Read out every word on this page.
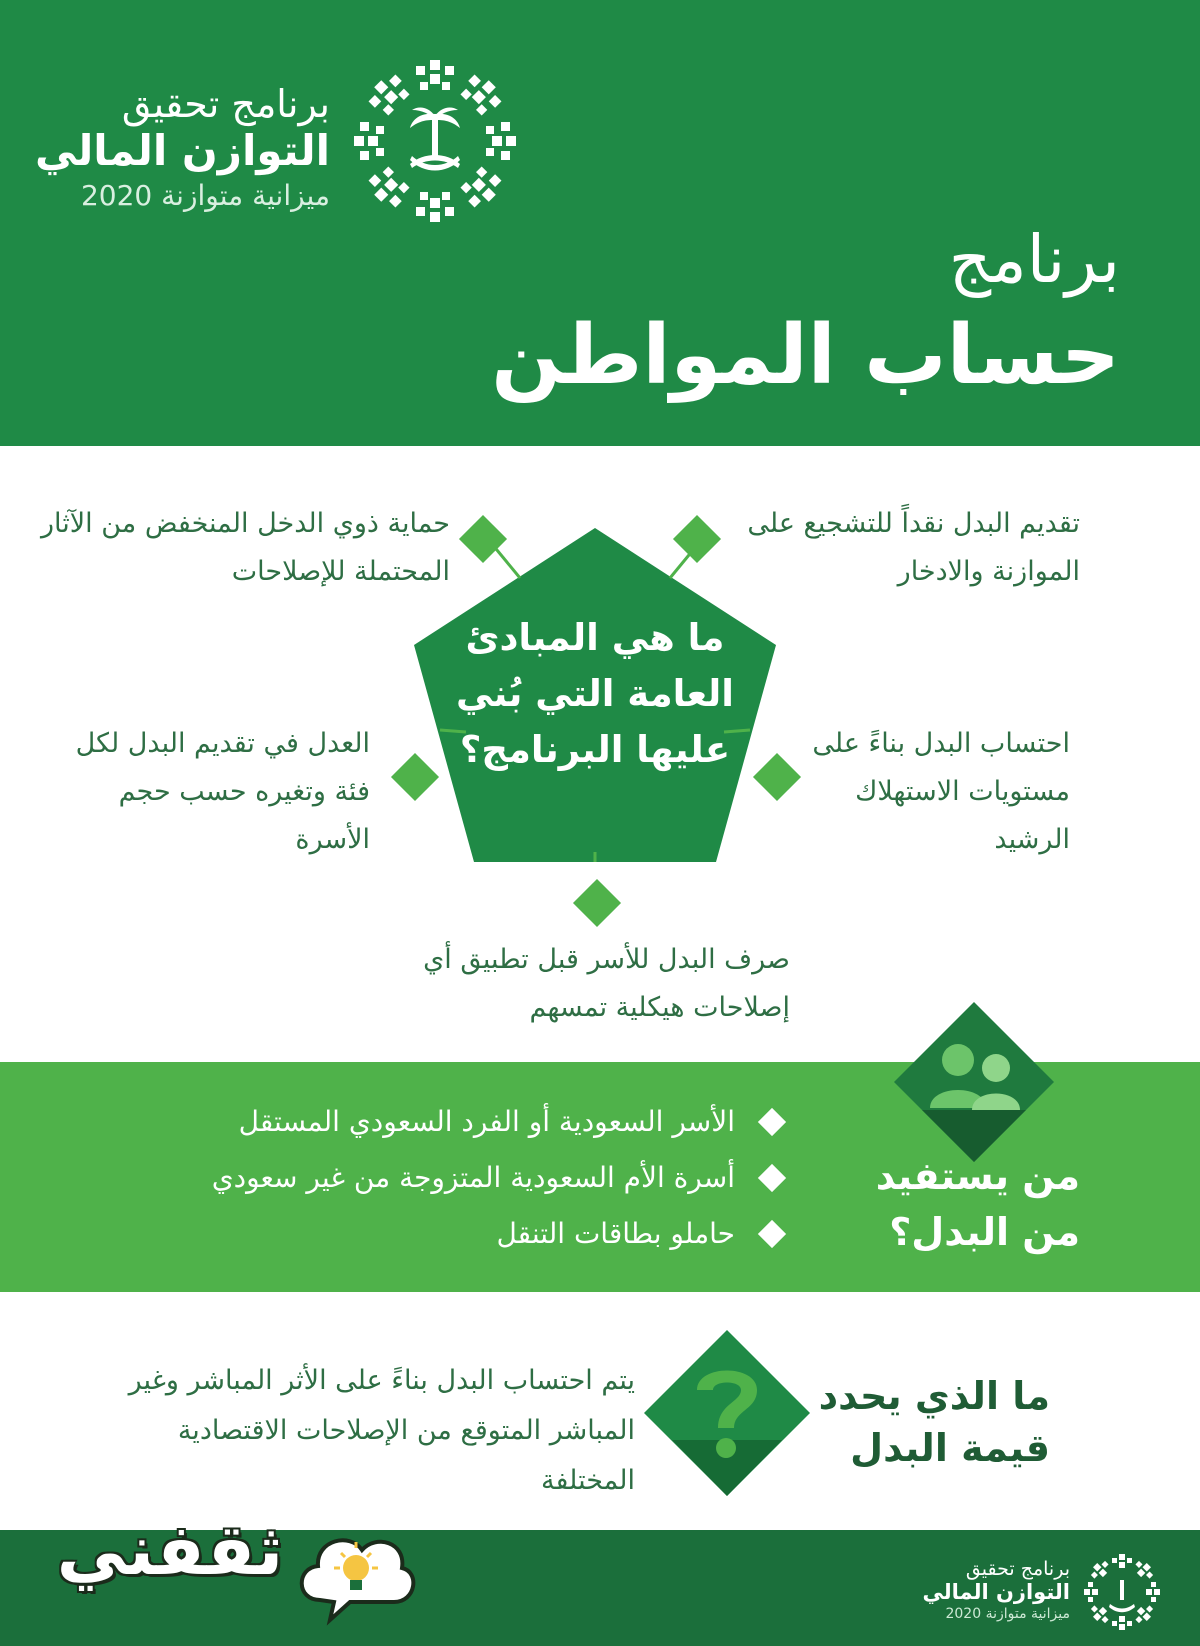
برنامج تحقيق
التوازن المالي
ميزانية متوازنة 2020
برنامج
حساب المواطن
ما هي المبادئ العامة التي بُني عليها البرنامج؟
تقديم البدل نقداً للتشجيع على الموازنة والادخار
حماية ذوي الدخل المنخفض من الآثار المحتملة للإصلاحات
احتساب البدل بناءً على مستويات الاستهلاك الرشيد
العدل في تقديم البدل لكل فئة وتغيره حسب حجم الأسرة
صرف البدل للأسر قبل تطبيق أي إصلاحات هيكلية تمسهم
من يستفيد من البدل؟
الأسر السعودية أو الفرد السعودي المستقل
أسرة الأم السعودية المتزوجة من غير سعودي
حاملو بطاقات التنقل
ما الذي يحدد قيمة البدل
يتم احتساب البدل بناءً على الأثر المباشر وغير المباشر المتوقع من الإصلاحات الاقتصادية المختلفة
برنامج تحقيق
التوازن المالي
ميزانية متوازنة 2020
ثقفني
